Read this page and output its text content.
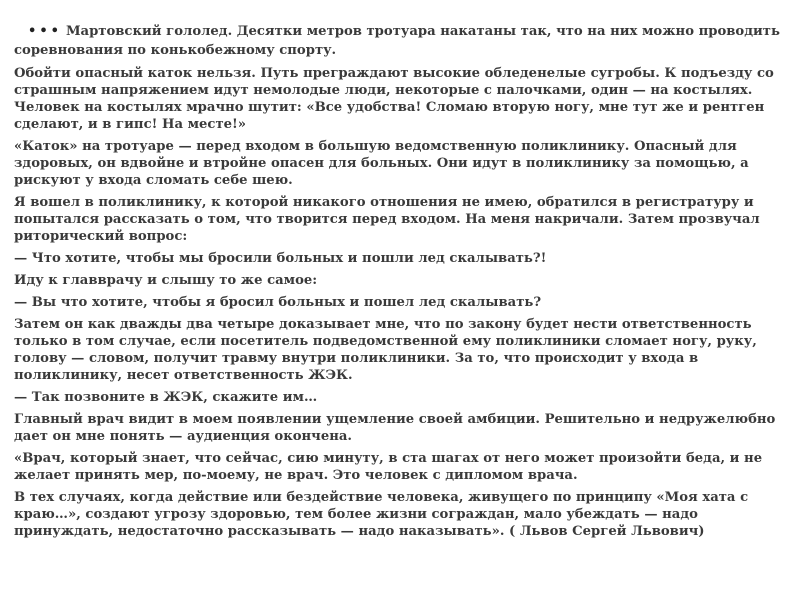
••• Мартовский гололед. Десятки метров тротуара накатаны так, что на них можно проводить соревнования по конькобежному спорту.

Обойти опасный каток нельзя. Путь преграждают высокие обледенелые сугробы. К подъезду со страшным напряжением идут немолодые люди, некоторые с палочками, один — на костылях. Человек на костылях мрачно шутит: «Все удобства! Сломаю вторую ногу, мне тут же и рентген сделают, и в гипс! На месте!»

«Каток» на тротуаре — перед входом в большую ведомственную поликлинику. Опасный для здоровых, он вдвойне и втройне опасен для больных. Они идут в поликлинику за помощью, а рискуют у входа сломать себе шею.

Я вошел в поликлинику, к которой никакого отношения не имею, обратился в регистратуру и попытался рассказать о том, что творится перед входом. На меня накричали. Затем прозвучал риторический вопрос:

— Что хотите, чтобы мы бросили больных и пошли лед скалывать?!

Иду к главврачу и слышу то же самое:

— Вы что хотите, чтобы я бросил больных и пошел лед скалывать?

Затем он как дважды два четыре доказывает мне, что по закону будет нести ответственность только в том случае, если посетитель подведомственной ему поликлиники сломает ногу, руку, голову — словом, получит травму внутри поликлиники. За то, что происходит у входа в поликлинику, несет ответственность ЖЭК.

— Так позвоните в ЖЭК, скажите им…

Главный врач видит в моем появлении ущемление своей амбиции. Решительно и недружелюбно дает он мне понять — аудиенция окончена.

«Врач, который знает, что сейчас, сию минуту, в ста шагах от него может произойти беда, и не желает принять мер, по-моему, не врач. Это человек с дипломом врача.

В тех случаях, когда действие или бездействие человека, живущего по принципу «Моя хата с краю…», создают угрозу здоровью, тем более жизни сограждан, мало убеждать — надо принуждать, недостаточно рассказывать — надо наказывать». ( Львов Сергей Львович)
